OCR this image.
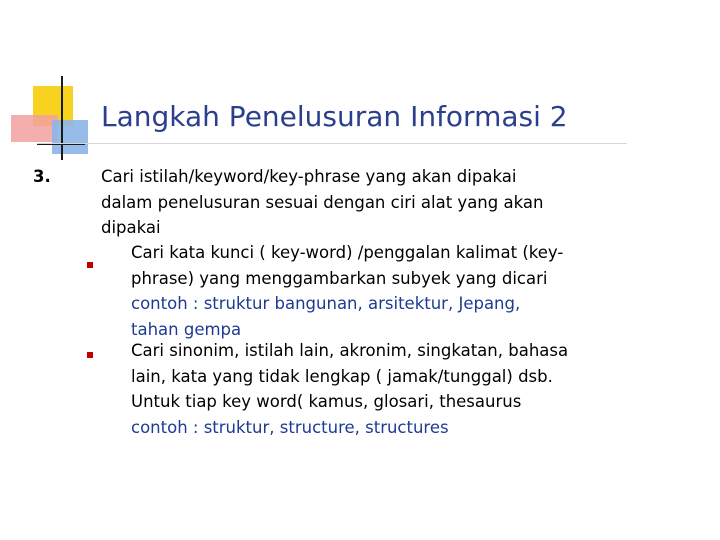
Langkah Penelusuran Informasi 2
3.	Cari istilah/keyword/key-phrase yang akan dipakai
dalam penelusuran sesuai dengan ciri alat yang akan
dipakai
Cari kata kunci ( key-word) /penggalan kalimat (key-
phrase) yang menggambarkan subyek yang dicari
contoh : struktur bangunan, arsitektur, Jepang,
tahan gempa
Cari sinonim, istilah lain, akronim, singkatan, bahasa
lain, kata yang tidak lengkap ( jamak/tunggal) dsb.
Untuk tiap key word( kamus, glosari, thesaurus
contoh : struktur, structure, structures
